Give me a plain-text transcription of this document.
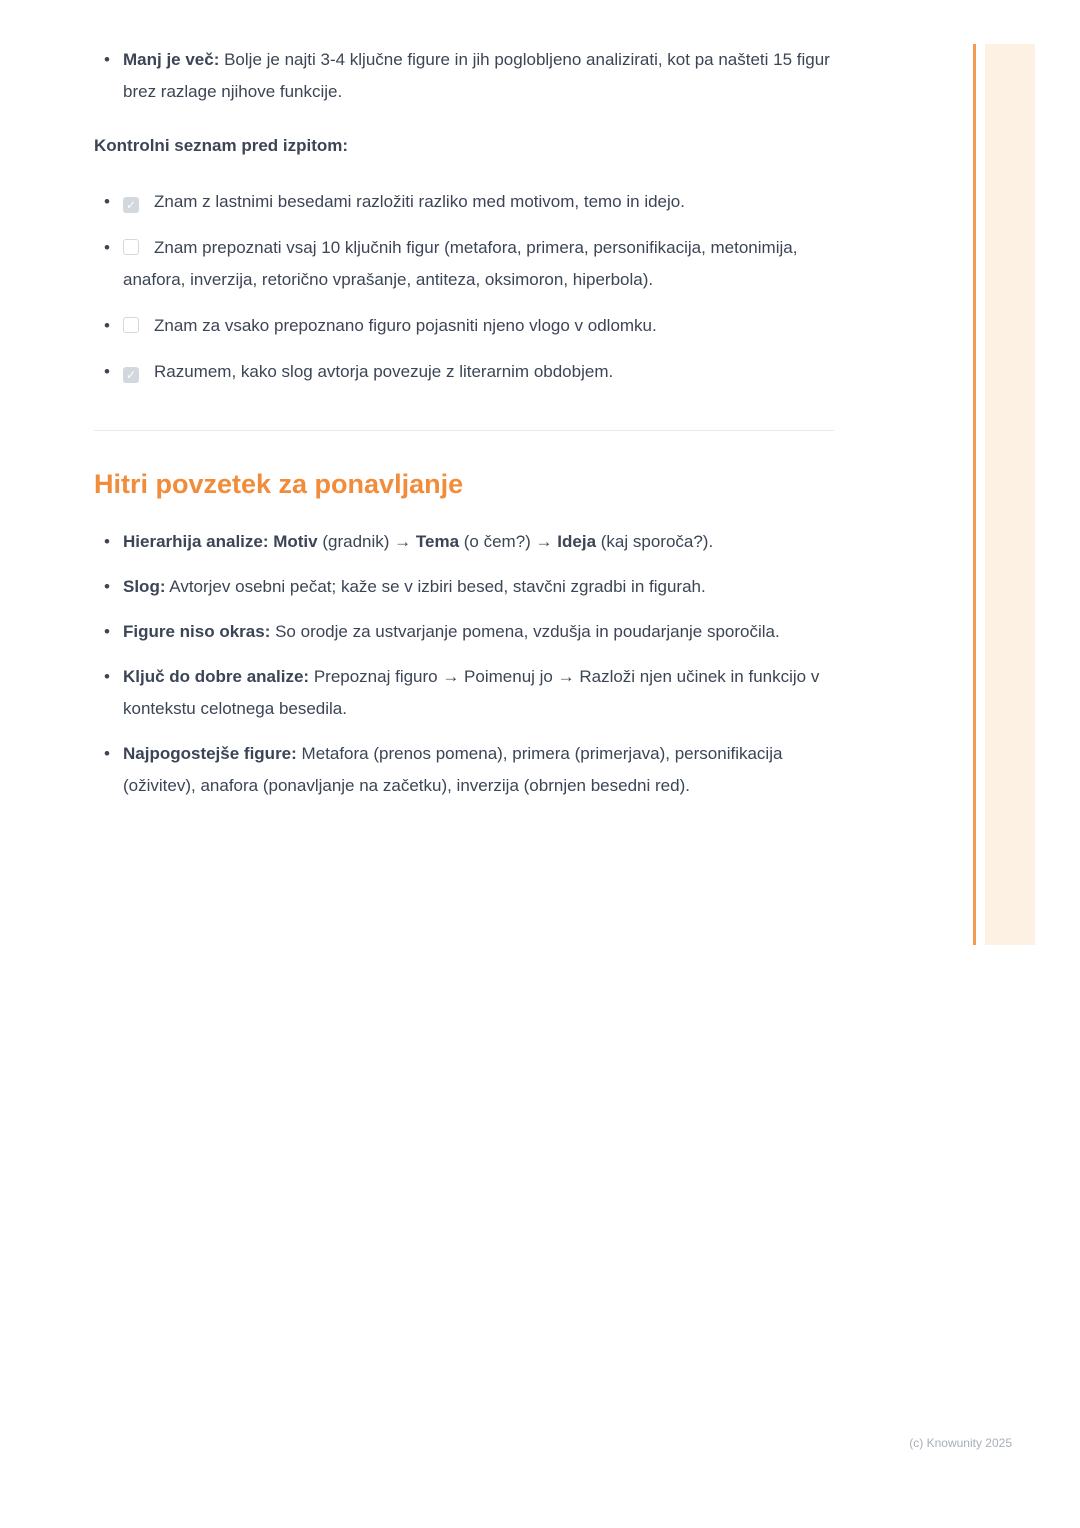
• Manj je več: Bolje je najti 3-4 ključne figure in jih poglobljeno analizirati, kot pa našteti 15 figur brez razlage njihove funkcije.
Kontrolni seznam pred izpitom:
• ✓ Znam z lastnimi besedami razložiti razliko med motivom, temo in idejo.
•	Znam prepoznati vsaj 10 ključnih figur (metafora, primera, personifikacija, metonimija, anafora, inverzija, retorično vprašanje, antiteza, oksimoron, hiperbola).
•	Znam za vsako prepoznano figuro pojasniti njeno vlogo v odlomku.
• ✓ Razumem, kako slog avtorja povezuje z literarnim obdobjem.
Hitri povzetek za ponavljanje
• Hierarhija analize: Motiv (gradnik) → Tema (o čem?) → Ideja (kaj sporoča?).
• Slog: Avtorjev osebni pečat; kaže se v izbiri besed, stavčni zgradbi in figurah.
• Figure niso okras: So orodje za ustvarjanje pomena, vzdušja in poudarjanje sporočila.
• Ključ do dobre analize: Prepoznaj figuro → Poimenuj jo → Razloži njen učinek in funkcijo v kontekstu celotnega besedila.
• Najpogostejše figure: Metafora (prenos pomena), primera (primerjava), personifikacija (oživitev), anafora (ponavljanje na začetku), inverzija (obrnjen besedni red).
(c) Knowunity 2025
